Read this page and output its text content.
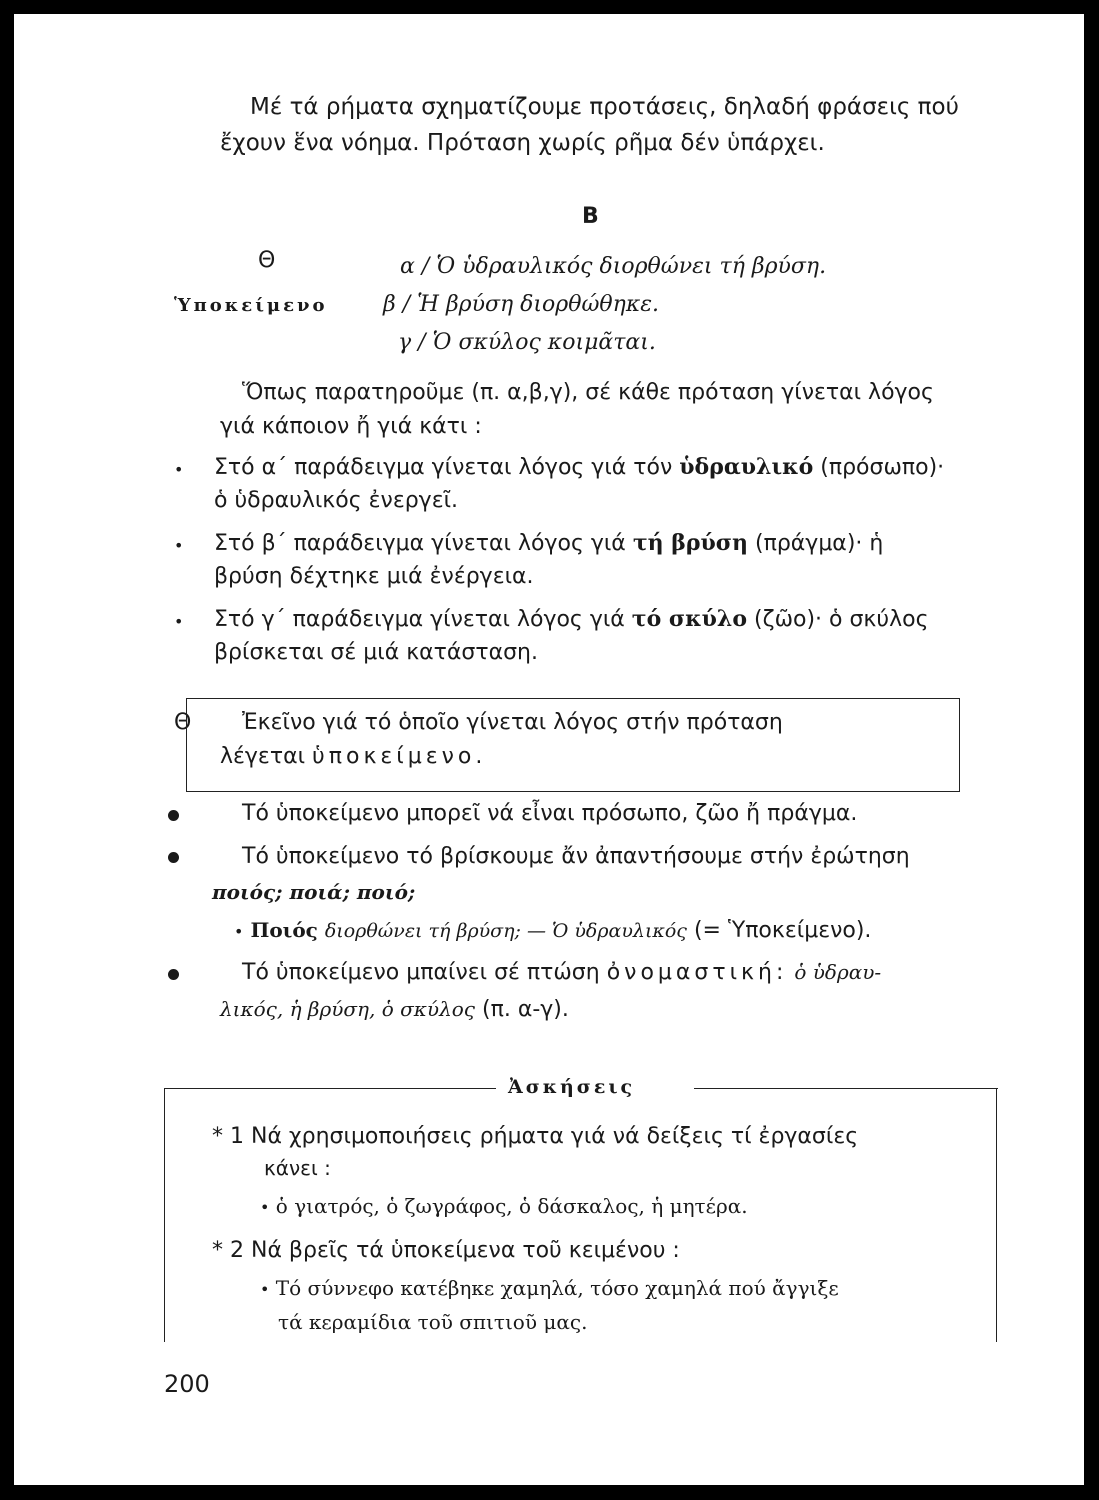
Μέ τά ρήματα σχηματίζουμε προτάσεις, δηλαδή φράσεις πού
ἔχουν ἕνα νόημα. Πρόταση χωρίς ρῆμα δέν ὑπάρχει.
Β
Θ
Ὑποκείμενο
α / Ὁ ὑδραυλικός διορθώνει τή βρύση.
β / Ἡ βρύση διορθώθηκε.
γ / Ὁ σκύλος κοιμᾶται.
Ὅπως παρατηροῦμε (π. α,β,γ), σέ κάθε πρόταση γίνεται λόγος
γιά κάποιον ἤ γιά κάτι :
• Στό α΄ παράδειγμα γίνεται λόγος γιά τόν ὑδραυλικό (πρόσωπο)·
ὁ ὑδραυλικός ἐνεργεῖ.
• Στό β΄ παράδειγμα γίνεται λόγος γιά τή βρύση (πράγμα)· ἡ
βρύση δέχτηκε μιά ἐνέργεια.
• Στό γ΄ παράδειγμα γίνεται λόγος γιά τό σκύλο (ζῶο)· ὁ σκύλος
βρίσκεται σέ μιά κατάσταση.
Θ Ἐκεῖνο γιά τό ὁποῖο γίνεται λόγος στήν πρόταση
λέγεται ὑποκείμενο.
Τό ὑποκείμενο μπορεῖ νά εἶναι πρόσωπο, ζῶο ἤ πράγμα.
Τό ὑποκείμενο τό βρίσκουμε ἄν ἀπαντήσουμε στήν ἐρώτηση
ποιός; ποιά; ποιό;
• Ποιός διορθώνει τή βρύση; — Ὁ ὑδραυλικός (= Ὑποκείμενο).
Τό ὑποκείμενο μπαίνει σέ πτώση ὀνομαστική: ὁ ὑδραυ-
λικός, ἡ βρύση, ὁ σκύλος (π. α-γ).
Ἀσκήσεις
* 1 Νά χρησιμοποιήσεις ρήματα γιά νά δείξεις τί ἐργασίες
κάνει :
• ὁ γιατρός, ὁ ζωγράφος, ὁ δάσκαλος, ἡ μητέρα.
* 2 Νά βρεῖς τά ὑποκείμενα τοῦ κειμένου :
• Τό σύννεφο κατέβηκε χαμηλά, τόσο χαμηλά πού ἄγγιξε
τά κεραμίδια τοῦ σπιτιοῦ μας.
200
